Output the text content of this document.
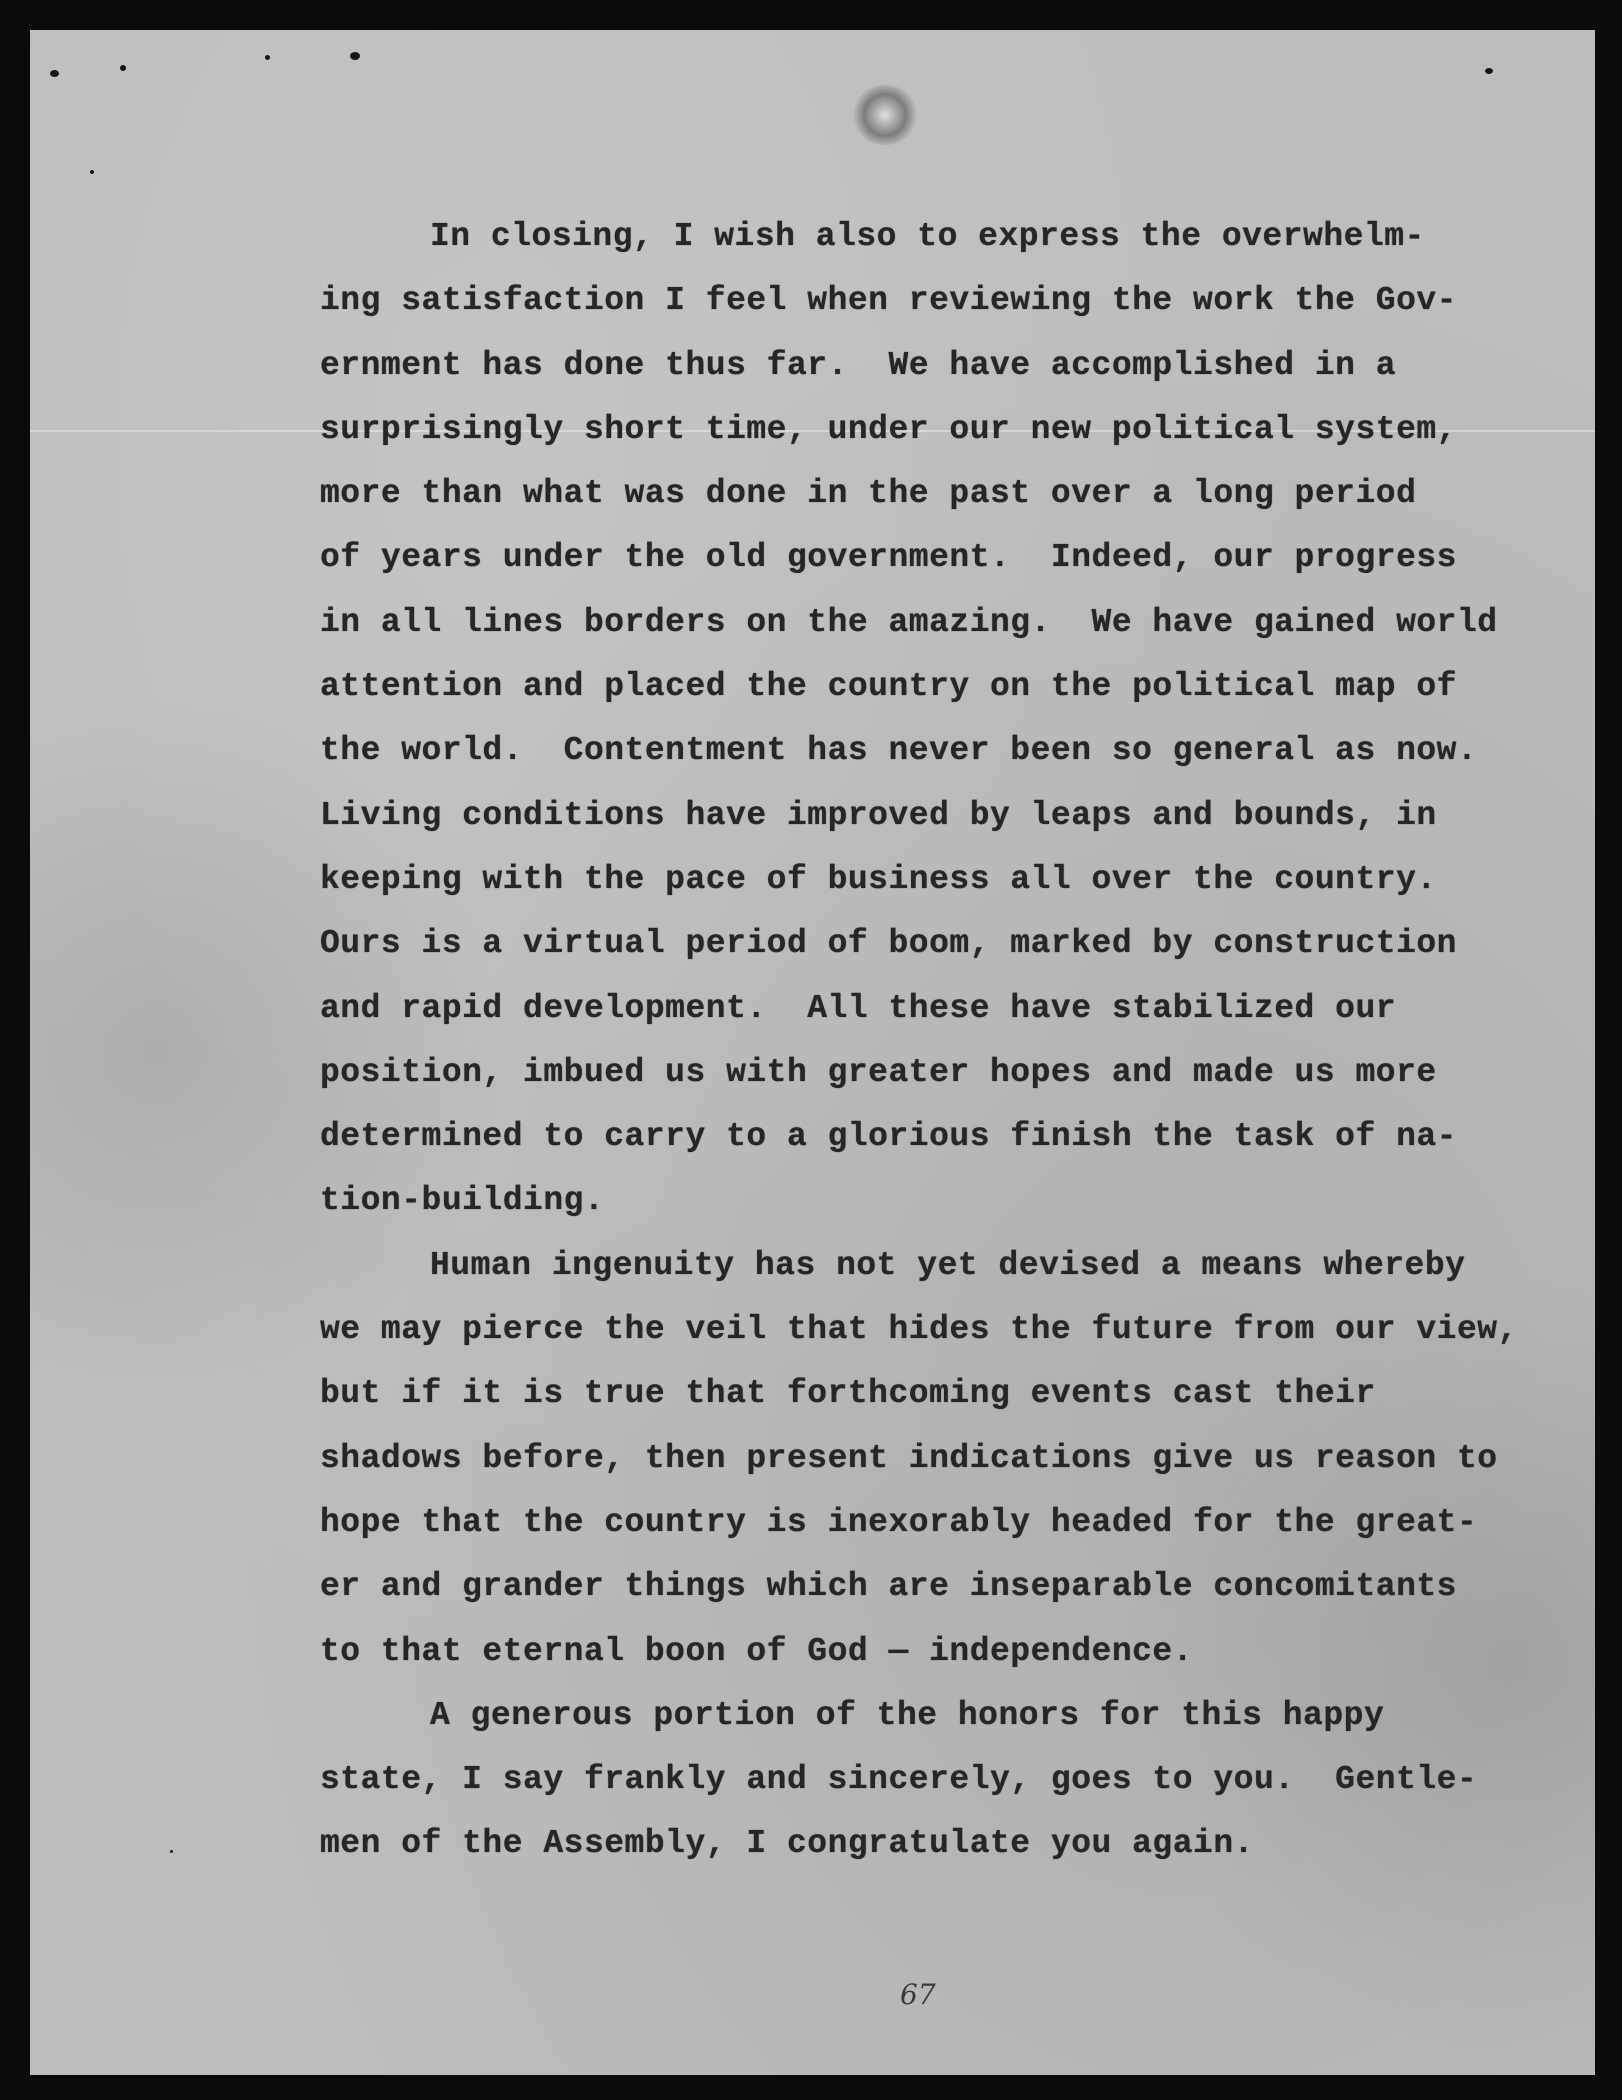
In closing, I wish also to express the overwhelm-
ing satisfaction I feel when reviewing the work the Gov-
ernment has done thus far.  We have accomplished in a
surprisingly short time, under our new political system,
more than what was done in the past over a long period
of years under the old government.  Indeed, our progress
in all lines borders on the amazing.  We have gained world
attention and placed the country on the political map of
the world.  Contentment has never been so general as now.
Living conditions have improved by leaps and bounds, in
keeping with the pace of business all over the country.
Ours is a virtual period of boom, marked by construction
and rapid development.  All these have stabilized our
position, imbued us with greater hopes and made us more
determined to carry to a glorious finish the task of na-
tion-building.
Human ingenuity has not yet devised a means whereby
we may pierce the veil that hides the future from our view,
but if it is true that forthcoming events cast their
shadows before, then present indications give us reason to
hope that the country is inexorably headed for the great-
er and grander things which are inseparable concomitants
to that eternal boon of God — independence.
A generous portion of the honors for this happy
state, I say frankly and sincerely, goes to you.  Gentle-
men of the Assembly, I congratulate you again.
67
